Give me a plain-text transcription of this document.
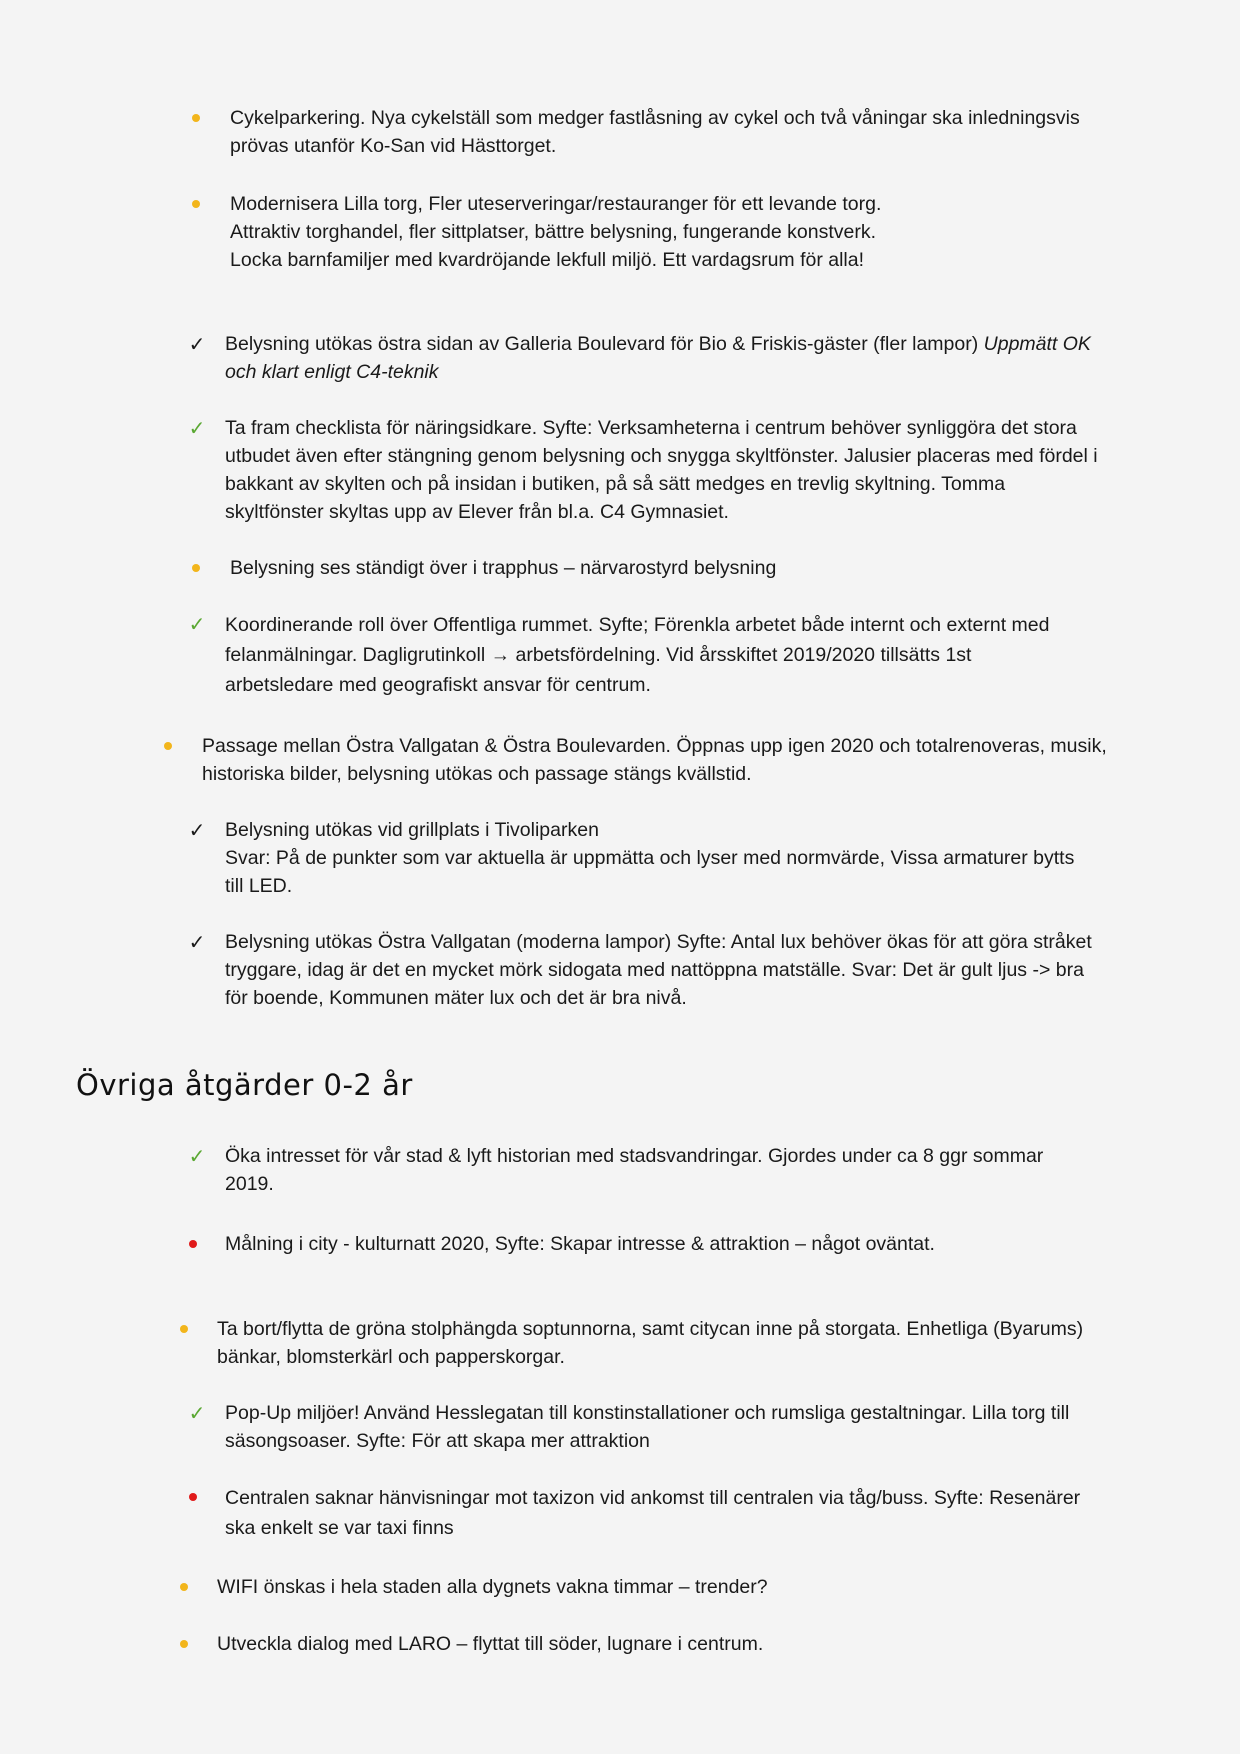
Cykelparkering. Nya cykelställ som medger fastlåsning av cykel och två våningar ska inledningsvis
prövas utanför Ko-San vid Hästtorget.
Modernisera Lilla torg, Fler uteserveringar/restauranger för ett levande torg.
Attraktiv torghandel, fler sittplatser, bättre belysning, fungerande konstverk.
Locka barnfamiljer med kvardröjande lekfull miljö. Ett vardagsrum för alla!
✓ Belysning utökas östra sidan av Galleria Boulevard för Bio & Friskis-gäster (fler lampor) Uppmätt OK
och klart enligt C4-teknik
✓ Ta fram checklista för näringsidkare. Syfte: Verksamheterna i centrum behöver synliggöra det stora
utbudet även efter stängning genom belysning och snygga skyltfönster. Jalusier placeras med fördel i
bakkant av skylten och på insidan i butiken, på så sätt medges en trevlig skyltning. Tomma
skyltfönster skyltas upp av Elever från bl.a. C4 Gymnasiet.
Belysning ses ständigt över i trapphus – närvarostyrd belysning
✓ Koordinerande roll över Offentliga rummet. Syfte; Förenkla arbetet både internt och externt med
felanmälningar. Dagligrutinkoll → arbetsfördelning. Vid årsskiftet 2019/2020 tillsätts 1st
arbetsledare med geografiskt ansvar för centrum.
Passage mellan Östra Vallgatan & Östra Boulevarden. Öppnas upp igen 2020 och totalrenoveras, musik,
historiska bilder, belysning utökas och passage stängs kvällstid.
✓ Belysning utökas vid grillplats i Tivoliparken
Svar: På de punkter som var aktuella är uppmätta och lyser med normvärde, Vissa armaturer bytts
till LED.
✓ Belysning utökas Östra Vallgatan (moderna lampor) Syfte: Antal lux behöver ökas för att göra stråket
tryggare, idag är det en mycket mörk sidogata med nattöppna matställe. Svar: Det är gult ljus -> bra
för boende, Kommunen mäter lux och det är bra nivå.
Övriga åtgärder 0-2 år
✓ Öka intresset för vår stad & lyft historian med stadsvandringar. Gjordes under ca 8 ggr sommar
2019.
Målning i city - kulturnatt 2020, Syfte: Skapar intresse & attraktion – något oväntat.
Ta bort/flytta de gröna stolphängda soptunnorna, samt citycan inne på storgata. Enhetliga (Byarums)
bänkar, blomsterkärl och papperskorgar.
✓ Pop-Up miljöer! Använd Hesslegatan till konstinstallationer och rumsliga gestaltningar. Lilla torg till
säsongsoaser. Syfte: För att skapa mer attraktion
Centralen saknar hänvisningar mot taxizon vid ankomst till centralen via tåg/buss. Syfte: Resenärer
ska enkelt se var taxi finns
WIFI önskas i hela staden alla dygnets vakna timmar – trender?
Utveckla dialog med LARO – flyttat till söder, lugnare i centrum.
